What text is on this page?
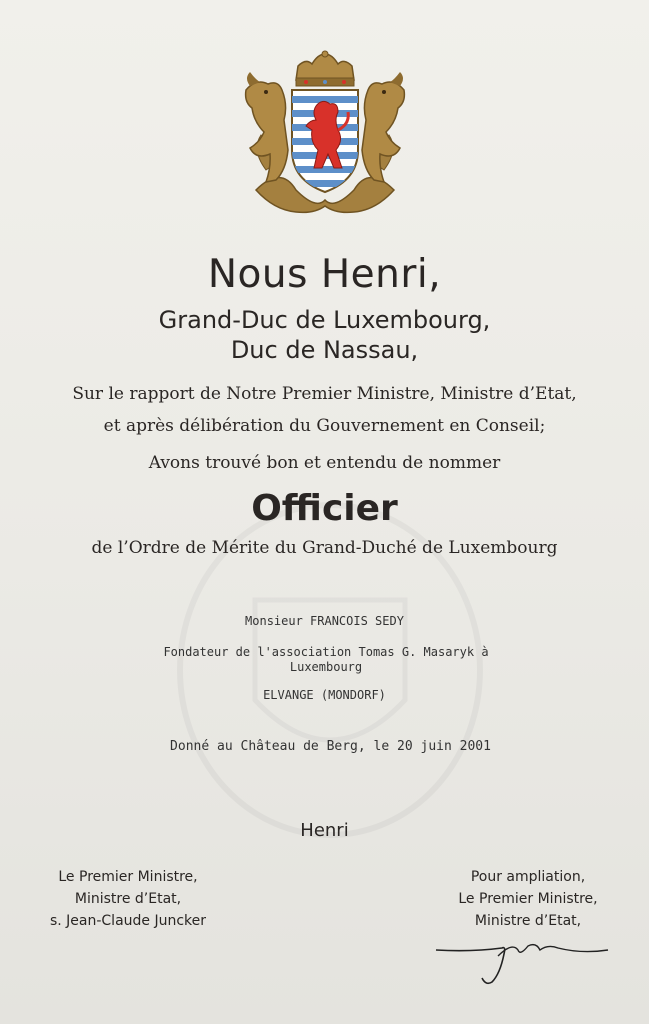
Nous Henri,
Grand-Duc de Luxembourg,
Duc de Nassau,
Sur le rapport de Notre Premier Ministre, Ministre d’Etat,
et après délibération du Gouvernement en Conseil;
Avons trouvé bon et entendu de nommer
Officier
de l’Ordre de Mérite du Grand-Duché de Luxembourg
Monsieur FRANCOIS SEDY
Fondateur de l'association Tomas G. Masaryk à Luxembourg
ELVANGE (MONDORF)
Donné au Château de Berg, le 20 juin 2001
Henri
Le Premier Ministre,
Ministre d’Etat,
s. Jean-Claude Juncker
Pour ampliation,
Le Premier Ministre,
Ministre d’Etat,
